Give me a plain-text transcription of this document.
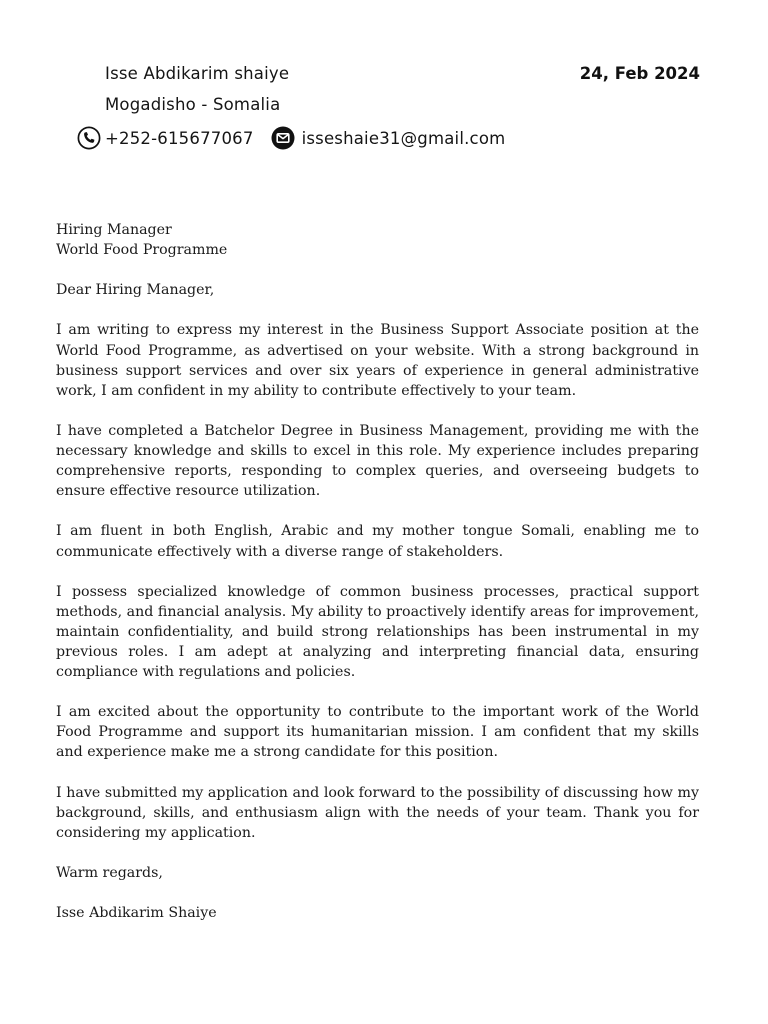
Isse Abdikarim shaiye
Mogadisho - Somalia
24, Feb 2024
+252-615677067	isseshaie31@gmail.com

Hiring Manager
World Food Programme

Dear Hiring Manager,

I am writing to express my interest in the Business Support Associate position at the World Food Programme, as advertised on your website. With a strong background in business support services and over six years of experience in general administrative work, I am confident in my ability to contribute effectively to your team.

I have completed a Batchelor Degree in Business Management, providing me with the necessary knowledge and skills to excel in this role. My experience includes preparing comprehensive reports, responding to complex queries, and overseeing budgets to ensure effective resource utilization.

I am fluent in both English, Arabic and my mother tongue Somali, enabling me to communicate effectively with a diverse range of stakeholders.

I possess specialized knowledge of common business processes, practical support methods, and financial analysis. My ability to proactively identify areas for improvement, maintain confidentiality, and build strong relationships has been instrumental in my previous roles. I am adept at analyzing and interpreting financial data, ensuring compliance with regulations and policies.

I am excited about the opportunity to contribute to the important work of the World Food Programme and support its humanitarian mission. I am confident that my skills and experience make me a strong candidate for this position.

I have submitted my application and look forward to the possibility of discussing how my background, skills, and enthusiasm align with the needs of your team. Thank you for considering my application.

Warm regards,

Isse Abdikarim Shaiye
